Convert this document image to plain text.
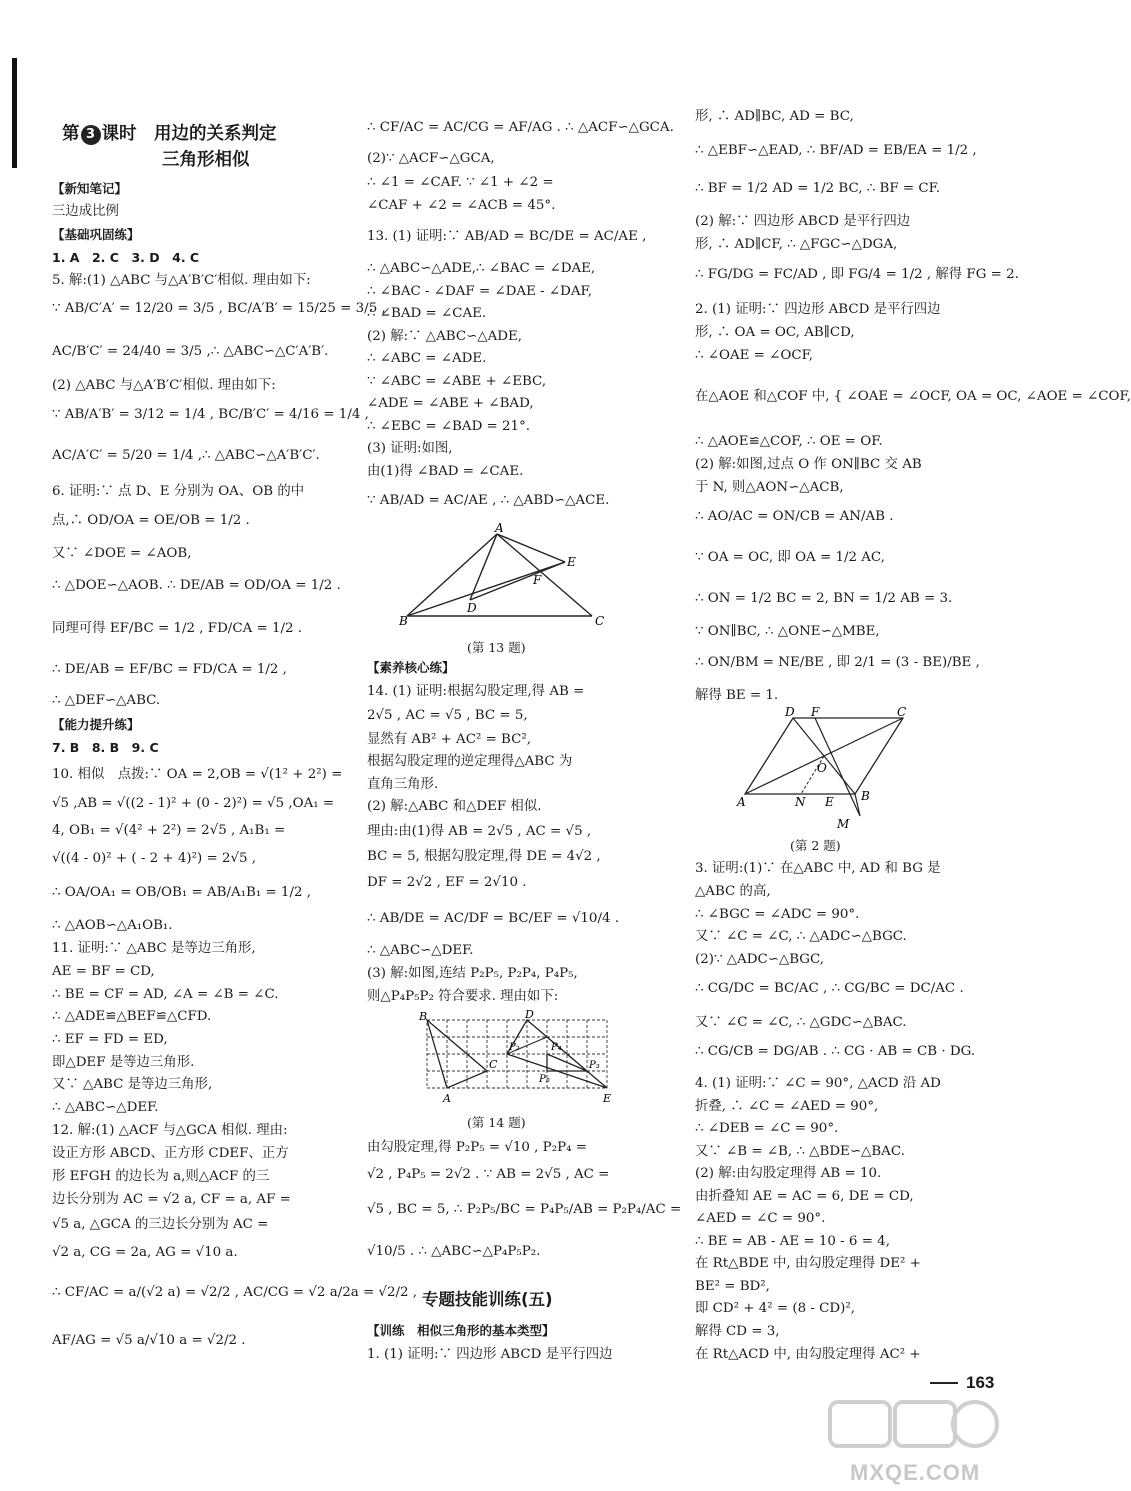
第 3 课时　用边的关系判定
三角形相似
【新知笔记】
三边成比例
【基础巩固练】
1. A　2. C　3. D　4. C
5. 解:(1) △ABC 与△A′B′C′相似. 理由如下:
∵ AB/C′A′ = 12/20 = 3/5 , BC/A′B′ = 15/25 = 3/5 ,
AC/B′C′ = 24/40 = 3/5 ,∴ △ABC∽△C′A′B′.
(2) △ABC 与△A′B′C′相似. 理由如下:
∵ AB/A′B′ = 3/12 = 1/4 , BC/B′C′ = 4/16 = 1/4 ,
AC/A′C′ = 5/20 = 1/4 ,∴ △ABC∽△A′B′C′.
6. 证明:∵ 点 D、E 分别为 OA、OB 的中
点,∴ OD/OA = OE/OB = 1/2 .
又∵ ∠DOE = ∠AOB,
∴ △DOE∽△AOB. ∴ DE/AB = OD/OA = 1/2 .
同理可得 EF/BC = 1/2 , FD/CA = 1/2 .
∴ DE/AB = EF/BC = FD/CA = 1/2 ,
∴ △DEF∽△ABC.
【能力提升练】
7. B　8. B　9. C
10. 相似　点拨:∵ OA = 2,OB = √(1² + 2²) =
√5 ,AB = √((2 - 1)² + (0 - 2)²) = √5 ,OA₁ =
4, OB₁ = √(4² + 2²) = 2√5 , A₁B₁ =
√((4 - 0)² + ( - 2 + 4)²) = 2√5 ,
∴ OA/OA₁ = OB/OB₁ = AB/A₁B₁ = 1/2 ,
∴ △AOB∽△A₁OB₁.
11. 证明:∵ △ABC 是等边三角形,
AE = BF = CD,
∴ BE = CF = AD, ∠A = ∠B = ∠C.
∴ △ADE≌△BEF≌△CFD.
∴ EF = FD = ED,
即△DEF 是等边三角形.
又∵ △ABC 是等边三角形,
∴ △ABC∽△DEF.
12. 解:(1) △ACF 与△GCA 相似. 理由:
设正方形 ABCD、正方形 CDEF、正方
形 EFGH 的边长为 a,则△ACF 的三
边长分别为 AC = √2 a, CF = a, AF =
√5 a, △GCA 的三边长分别为 AC =
√2 a, CG = 2a, AG = √10 a.
∴ CF/AC = a/(√2 a) = √2/2 , AC/CG = √2 a/2a = √2/2 ,
AF/AG = √5 a/√10 a = √2/2 .
∴ CF/AC = AC/CG = AF/AG . ∴ △ACF∽△GCA.
(2)∵ △ACF∽△GCA,
∴ ∠1 = ∠CAF. ∵ ∠1 + ∠2 =
∠CAF + ∠2 = ∠ACB = 45°.
13. (1) 证明:∵ AB/AD = BC/DE = AC/AE ,
∴ △ABC∽△ADE,∴ ∠BAC = ∠DAE,
∴ ∠BAC - ∠DAF = ∠DAE - ∠DAF,
∴ ∠BAD = ∠CAE.
(2) 解:∵ △ABC∽△ADE,
∴ ∠ABC = ∠ADE.
∵ ∠ABC = ∠ABE + ∠EBC,
∠ADE = ∠ABE + ∠BAD,
∴ ∠EBC = ∠BAD = 21°.
(3) 证明:如图,
由(1)得 ∠BAD = ∠CAE.
∵ AB/AD = AC/AE , ∴ △ABD∽△ACE.
A
B	C
D
E
F
(第 13 题)
【素养核心练】
14. (1) 证明:根据勾股定理,得 AB =
2√5 , AC = √5 , BC = 5,
显然有 AB² + AC² = BC²,
根据勾股定理的逆定理得△ABC 为
直角三角形.
(2) 解:△ABC 和△DEF 相似.
理由:由(1)得 AB = 2√5 , AC = √5 ,
BC = 5, 根据勾股定理,得 DE = 4√2 ,
DF = 2√2 , EF = 2√10 .
∴ AB/DE = AC/DF = BC/EF = √10/4 .
∴ △ABC∽△DEF.
(3) 解:如图,连结 P₂P₅, P₂P₄, P₄P₅,
则△P₄P₅P₂ 符合要求. 理由如下:
B	D
P₂	P₄
P₅
P₃
C
A	E
(第 14 题)
由勾股定理,得 P₂P₅ = √10 , P₂P₄ =
√2 , P₄P₅ = 2√2 . ∵ AB = 2√5 , AC =
√5 , BC = 5, ∴ P₂P₅/BC = P₄P₅/AB = P₂P₄/AC =
√10/5 . ∴ △ABC∽△P₄P₅P₂.
专题技能训练(五)
【训练　相似三角形的基本类型】
1. (1) 证明:∵ 四边形 ABCD 是平行四边
形, ∴ AD∥BC, AD = BC,
∴ △EBF∽△EAD, ∴ BF/AD = EB/EA = 1/2 ,
∴ BF = 1/2 AD = 1/2 BC, ∴ BF = CF.
(2) 解:∵ 四边形 ABCD 是平行四边
形, ∴ AD∥CF, ∴ △FGC∽△DGA,
∴ FG/DG = FC/AD , 即 FG/4 = 1/2 , 解得 FG = 2.
2. (1) 证明:∵ 四边形 ABCD 是平行四边
形, ∴ OA = OC, AB∥CD,
∴ ∠OAE = ∠OCF,
在△AOE 和△COF 中, { ∠OAE = ∠OCF, OA = OC, ∠AOE = ∠COF,
∴ △AOE≌△COF, ∴ OE = OF.
(2) 解:如图,过点 O 作 ON∥BC 交 AB
于 N, 则△AON∽△ACB,
∴ AO/AC = ON/CB = AN/AB .
∵ OA = OC, 即 OA = 1/2 AC,
∴ ON = 1/2 BC = 2, BN = 1/2 AB = 3.
∵ ON∥BC, ∴ △ONE∽△MBE,
∴ ON/BM = NE/BE , 即 2/1 = (3 - BE)/BE ,
解得 BE = 1.
D F	C
O
A	N E B
M
(第 2 题)
3. 证明:(1)∵ 在△ABC 中, AD 和 BG 是
△ABC 的高,
∴ ∠BGC = ∠ADC = 90°.
又∵ ∠C = ∠C, ∴ △ADC∽△BGC.
(2)∵ △ADC∽△BGC,
∴ CG/DC = BC/AC , ∴ CG/BC = DC/AC .
又∵ ∠C = ∠C, ∴ △GDC∽△BAC.
∴ CG/CB = DG/AB . ∴ CG · AB = CB · DG.
4. (1) 证明:∵ ∠C = 90°, △ACD 沿 AD
折叠, ∴ ∠C = ∠AED = 90°,
∴ ∠DEB = ∠C = 90°.
又∵ ∠B = ∠B, ∴ △BDE∽△BAC.
(2) 解:由勾股定理得 AB = 10.
由折叠知 AE = AC = 6, DE = CD,
∠AED = ∠C = 90°.
∴ BE = AB - AE = 10 - 6 = 4,
在 Rt△BDE 中, 由勾股定理得 DE² +
BE² = BD²,
即 CD² + 4² = (8 - CD)²,
解得 CD = 3,
在 Rt△ACD 中, 由勾股定理得 AC² +
163
MXQE.COM
